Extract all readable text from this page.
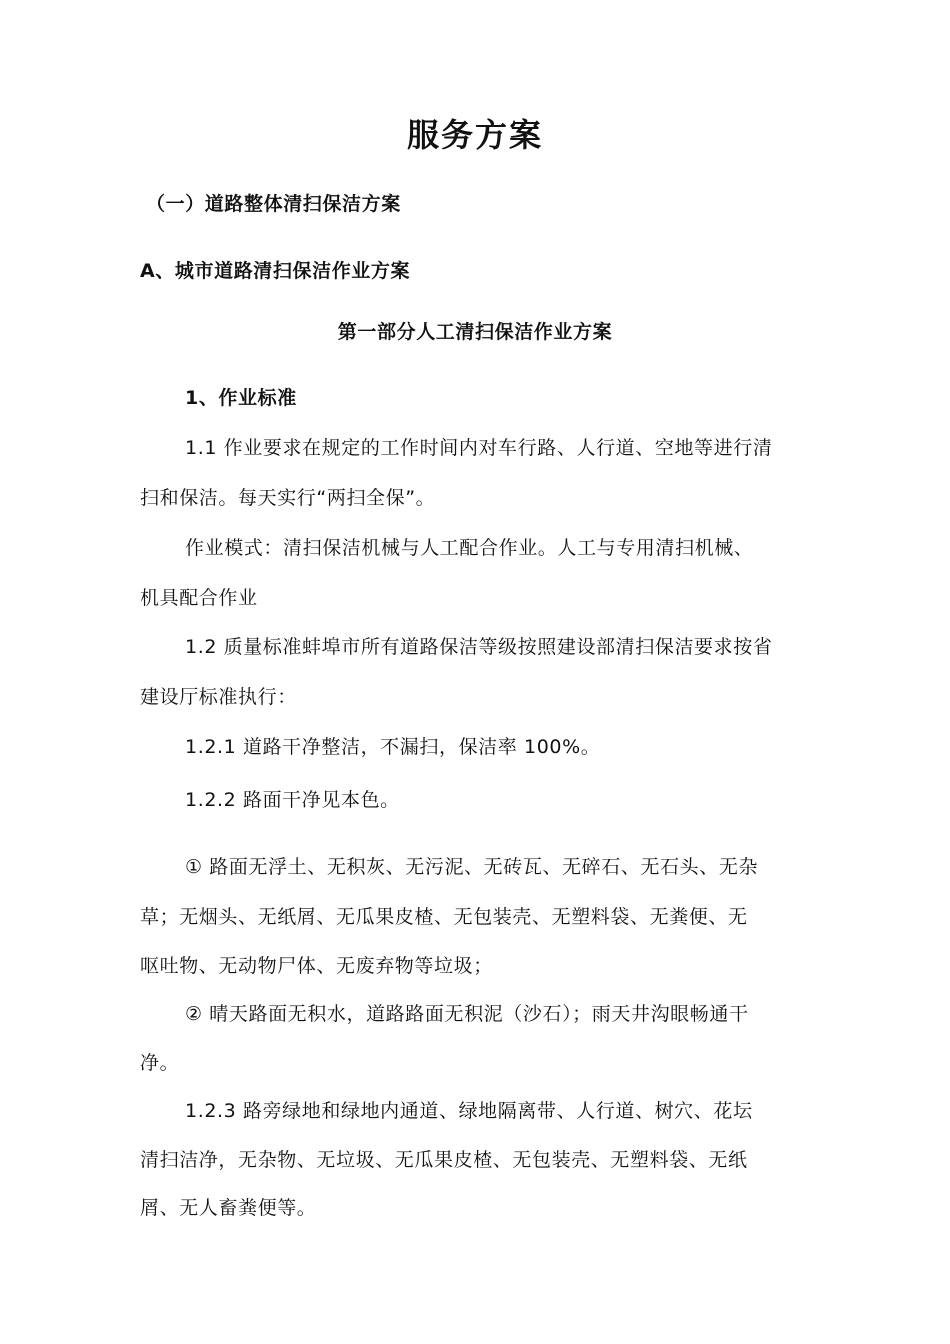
服务方案
（一）道路整体清扫保洁方案
A、城市道路清扫保洁作业方案
第一部分人工清扫保洁作业方案
1、作业标准
1.1 作业要求在规定的工作时间内对车行路、人行道、空地等进行清
扫和保洁。每天实行“两扫全保”。
作业模式：清扫保洁机械与人工配合作业。人工与专用清扫机械、
机具配合作业
1.2 质量标准蚌埠市所有道路保洁等级按照建设部清扫保洁要求按省
建设厅标准执行：
1.2.1 道路干净整洁，不漏扫，保洁率 100%。
1.2.2 路面干净见本色。
① 路面无浮土、无积灰、无污泥、无砖瓦、无碎石、无石头、无杂
草；无烟头、无纸屑、无瓜果皮楂、无包装壳、无塑料袋、无粪便、无
呕吐物、无动物尸体、无废弃物等垃圾；
② 晴天路面无积水，道路路面无积泥（沙石）；雨天井沟眼畅通干
净。
1.2.3 路旁绿地和绿地内通道、绿地隔离带、人行道、树穴、花坛
清扫洁净，无杂物、无垃圾、无瓜果皮楂、无包装壳、无塑料袋、无纸
屑、无人畜粪便等。
